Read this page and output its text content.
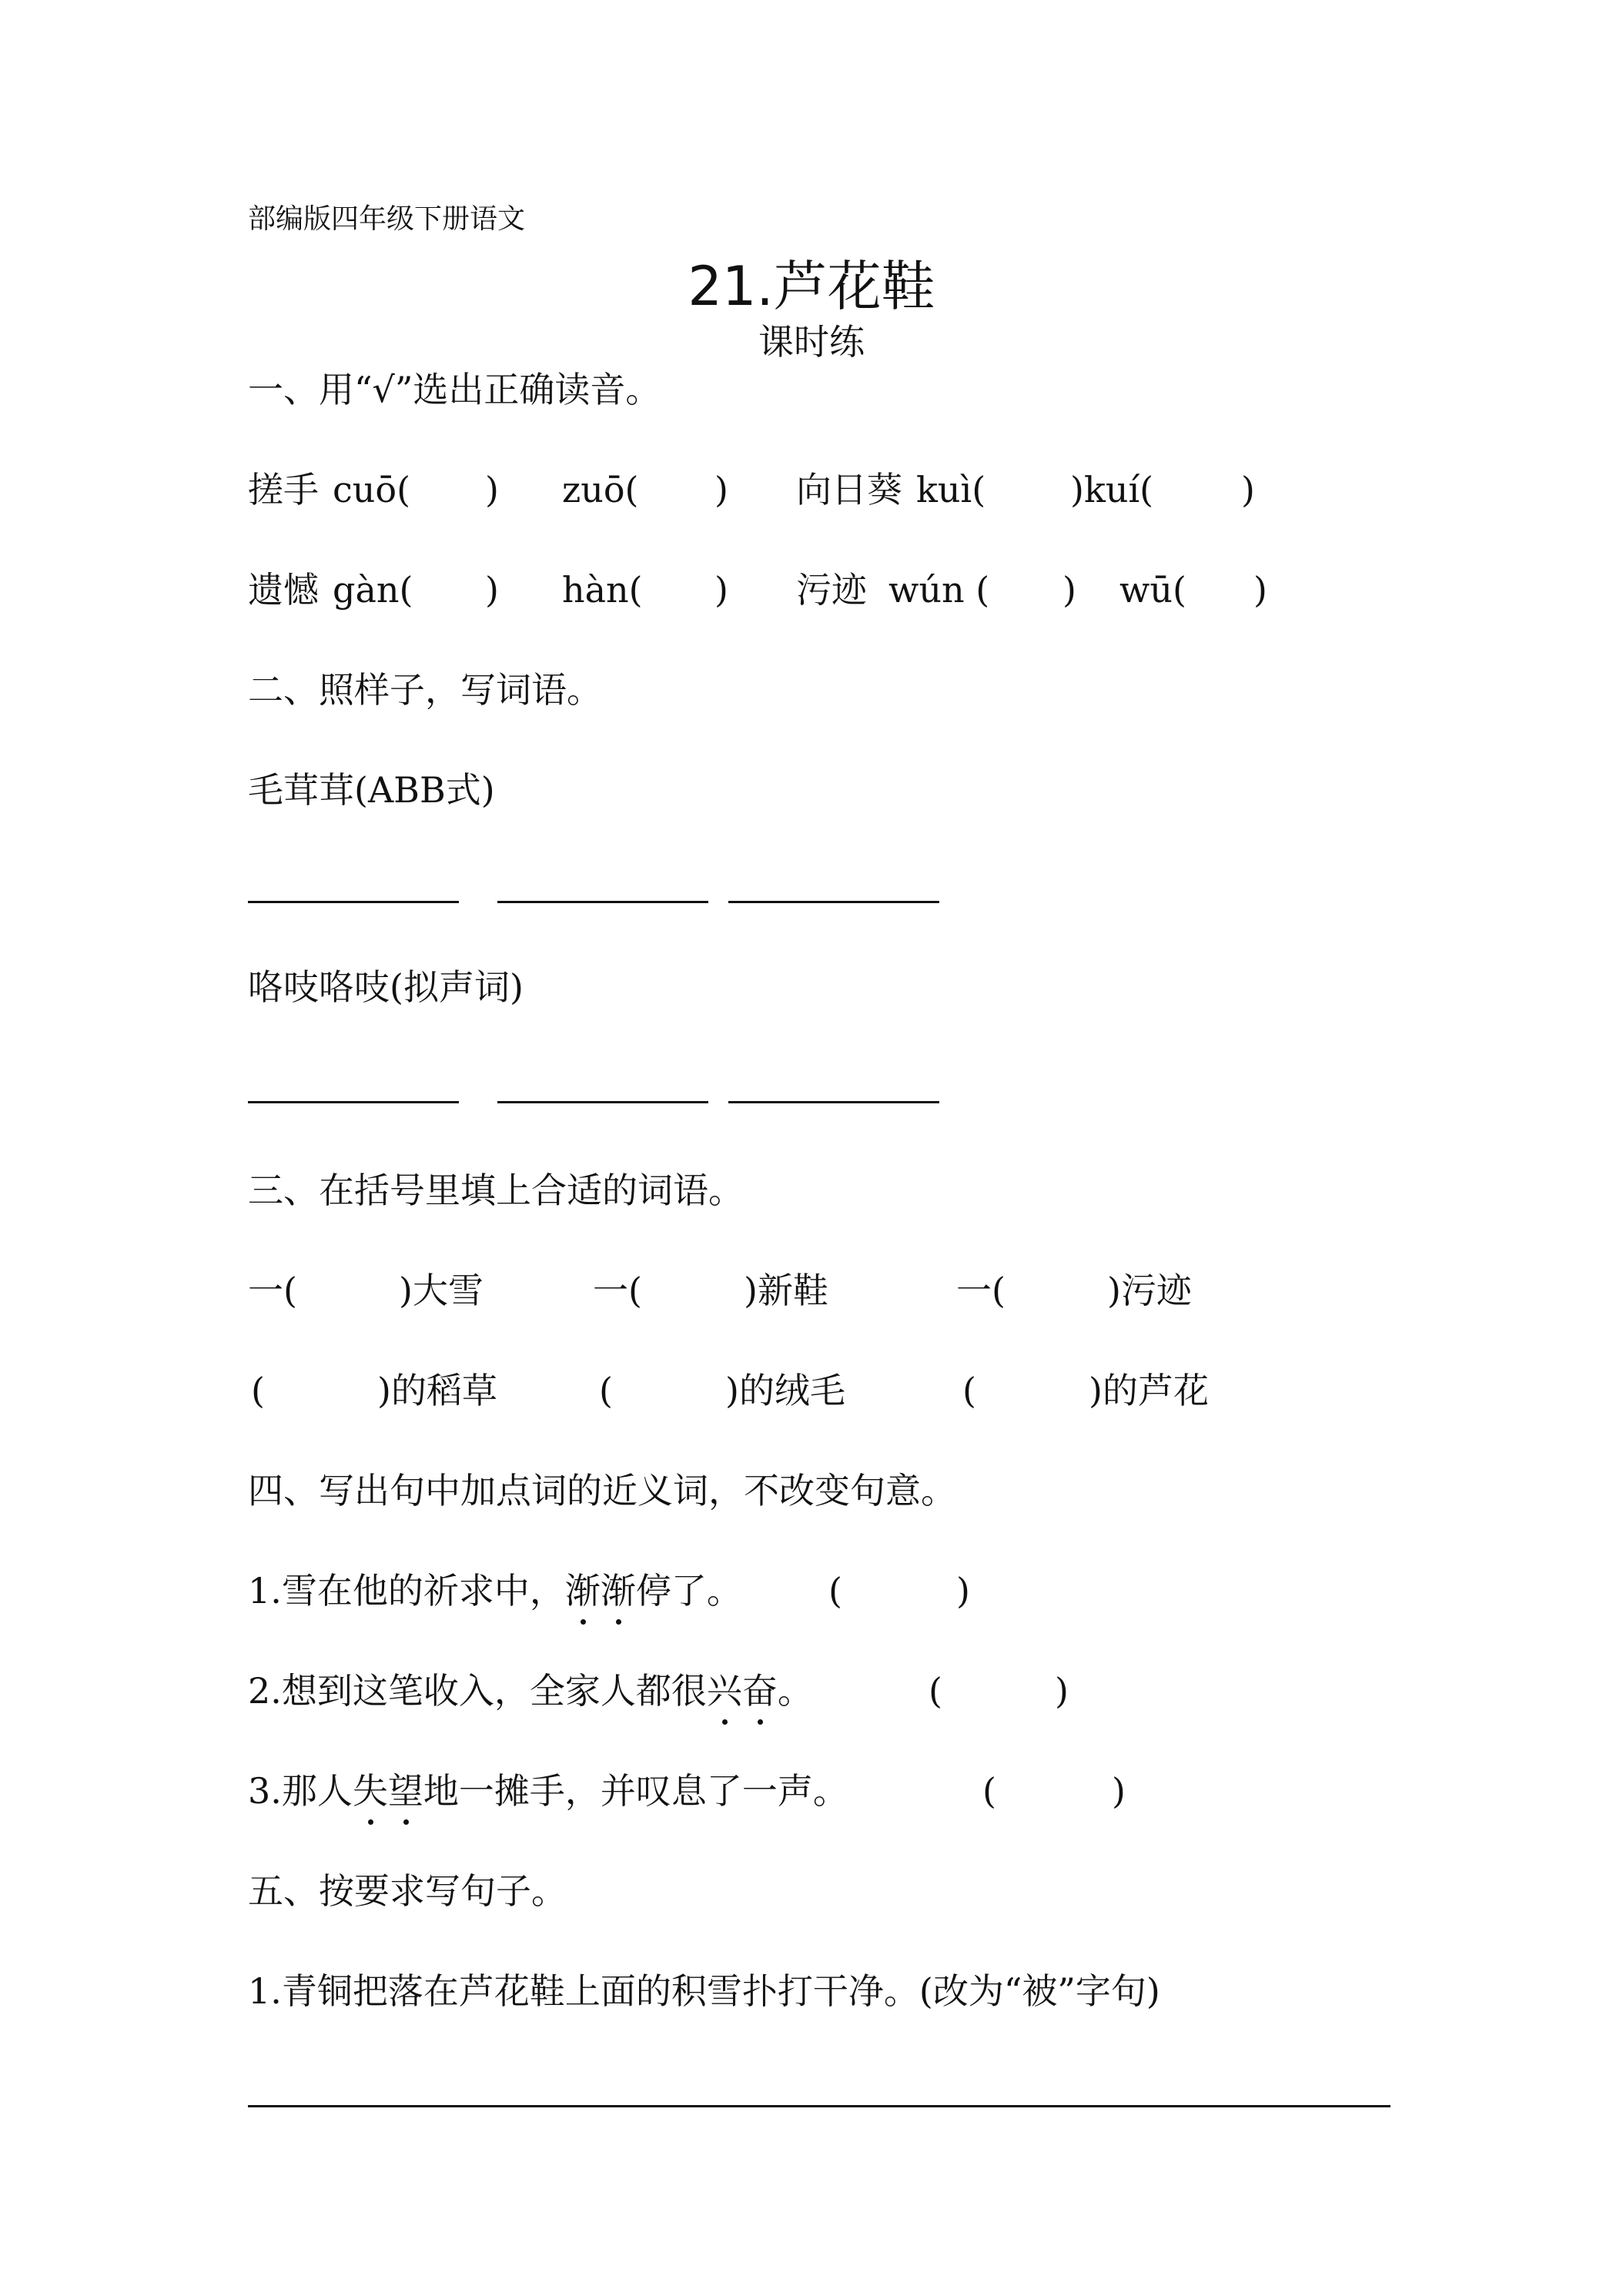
部编版四年级下册语文
21.芦花鞋
课时练
一、用“√”选出正确读音。
搓手 cuō( ) zuō( ) 向日葵 kuì( )kuí( )
遗憾 gàn( ) hàn( ) 污迹 wún ( ) wū( )
二、照样子，写词语。
毛茸茸(ABB式)
咯吱咯吱(拟声词)
三、在括号里填上合适的词语。
一(	)大雪	一(	)新鞋	一(	)污迹
(	)的稻草	(	)的绒毛	(	)的芦花
四、写出句中加点词的近义词，不改变句意。
1.雪在他的祈求中，渐渐停了。 (	)
2.想到这笔收入，全家人都很兴奋。	(	)
3.那人失望地一摊手，并叹息了一声。	(	)
五、按要求写句子。
1.青铜把落在芦花鞋上面的积雪扑打干净。(改为“被”字句)
